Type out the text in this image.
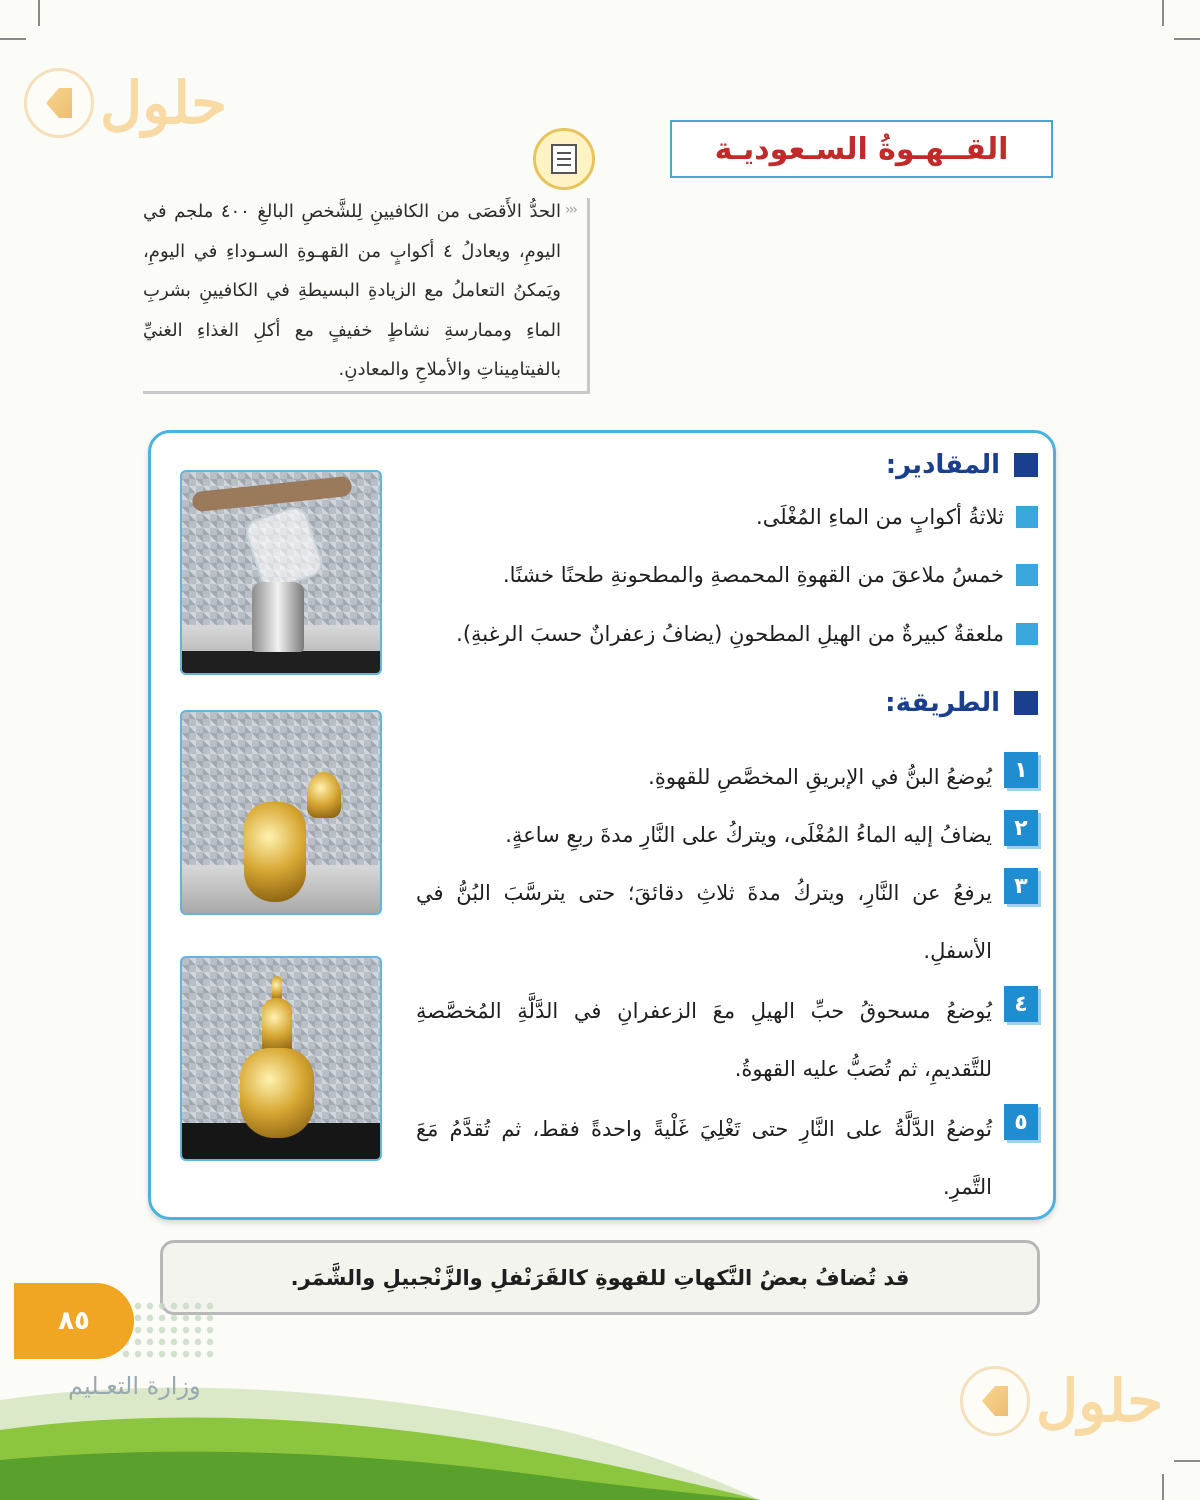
حلول
حلول
القــهـوةُ السـعوديـة
›››
الحدُّ الأَقصَى من الكافيينِ لِلشَّخصِ البالغِ ٤٠٠ ملجم في اليومِ، ويعادلُ ٤ أكوابٍ من القهـوةِ السـوداءِ في اليومِ، ويَمكنُ التعاملُ مع الزيادةِ البسيطةِ في الكافيينِ بشربِ الماءِ وممارسةِ نشاطٍ خفيفٍ مع أكلِ الغذاءِ الغنيِّ بالفيتامِيناتِ والأملاحِ والمعادنِ.
المقادير:
ثلاثةُ أكوابٍ من الماءِ المُغْلَى.
خمسُ ملاعقَ من القهوةِ المحمصةِ والمطحونةِ طحنًا خشنًا.
ملعقةٌ كبيرةٌ من الهيلِ المطحونِ (يضافُ زعفرانٌ حسبَ الرغبةِ).
الطريقة:
١
يُوضعُ البنُّ في الإبريقِ المخصَّصِ للقهوةِ.
٢
يضافُ إليه الماءُ المُغْلَى، ويتركُ على النَّارِ مدةَ ربعِ ساعةٍ.
٣
يرفعُ عن النَّارِ، ويتركُ مدةَ ثلاثِ دقائقَ؛ حتى يترسَّبَ البُنُّ في الأسفلِ.
٤
يُوضعُ مسحوقُ حبِّ الهيلِ معَ الزعفرانِ في الدَّلَّةِ المُخصَّصةِ للتَّقديمِ، ثم تُصَبُّ عليه القهوةُ.
٥
تُوضعُ الدَّلَّةُ على النَّارِ حتى تَغْلِيَ غَلْيةً واحدةً فقط، ثم تُقدَّمُ مَعَ التَّمرِ.
قد تُضافُ بعضُ النَّكهاتِ للقهوةِ كالقَرَنْفلِ والزَّنْجبيلِ والشَّمَر.
وزارة التعـليم
٨٥
